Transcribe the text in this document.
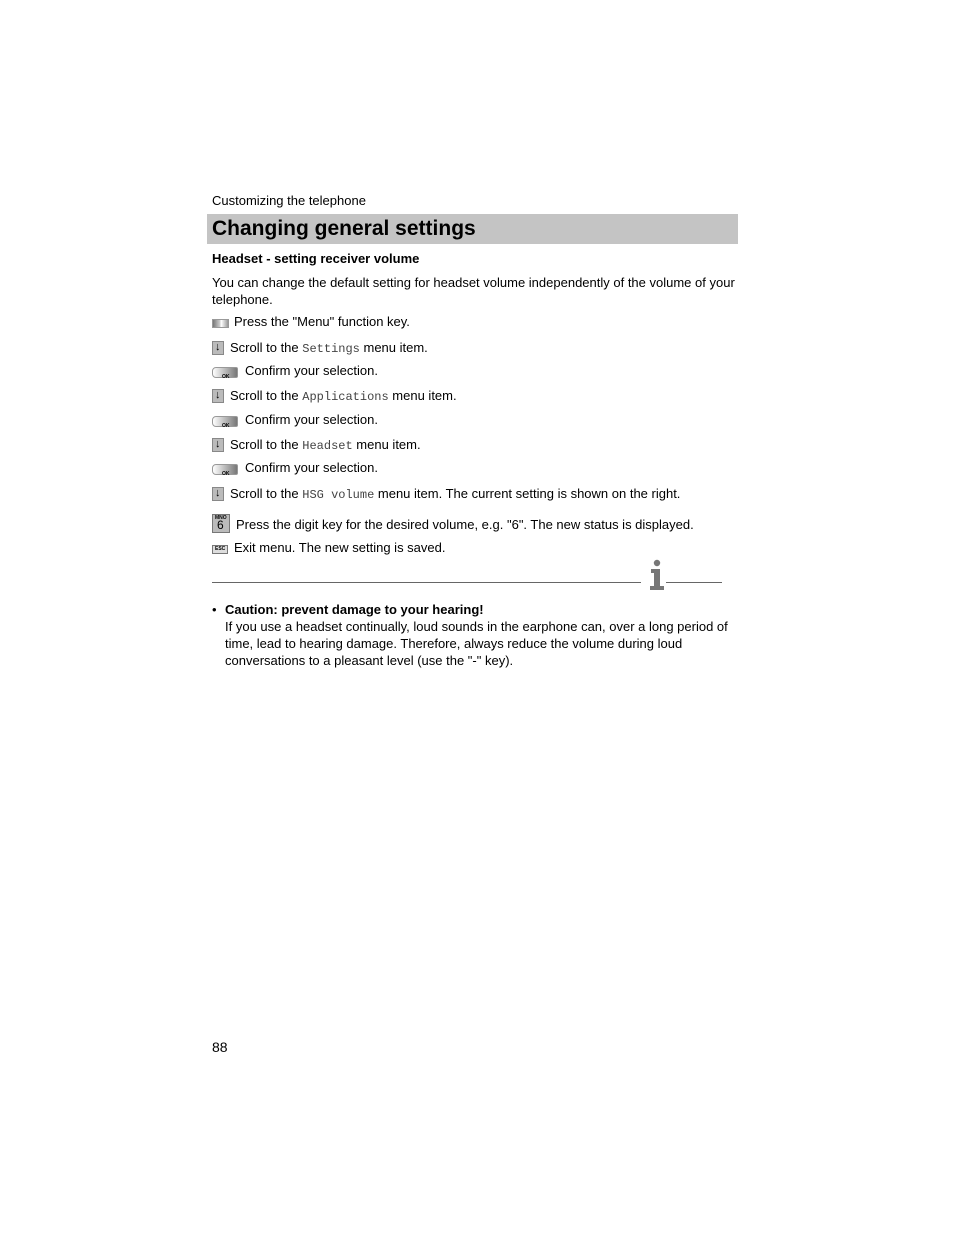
Customizing the telephone
Changing general settings
Headset - setting receiver volume
You can change the default setting for headset volume independently of the volume of your telephone.
Press the "Menu" function key.
↓ Scroll to the Settings menu item.
OK Confirm your selection.
↓ Scroll to the Applications menu item.
OK Confirm your selection.
↓ Scroll to the Headset menu item.
OK Confirm your selection.
↓ Scroll to the HSG volume menu item. The current setting is shown on the right.
MNO
6 Press the digit key for the desired volume, e.g. "6". The new status is displayed.
ESC Exit menu. The new setting is saved.
• Caution: prevent damage to your hearing!
If you use a headset continually, loud sounds in the earphone can, over a long period of time, lead to hearing damage. Therefore, always reduce the volume during loud conversations to a pleasant level (use the "-" key).
88
